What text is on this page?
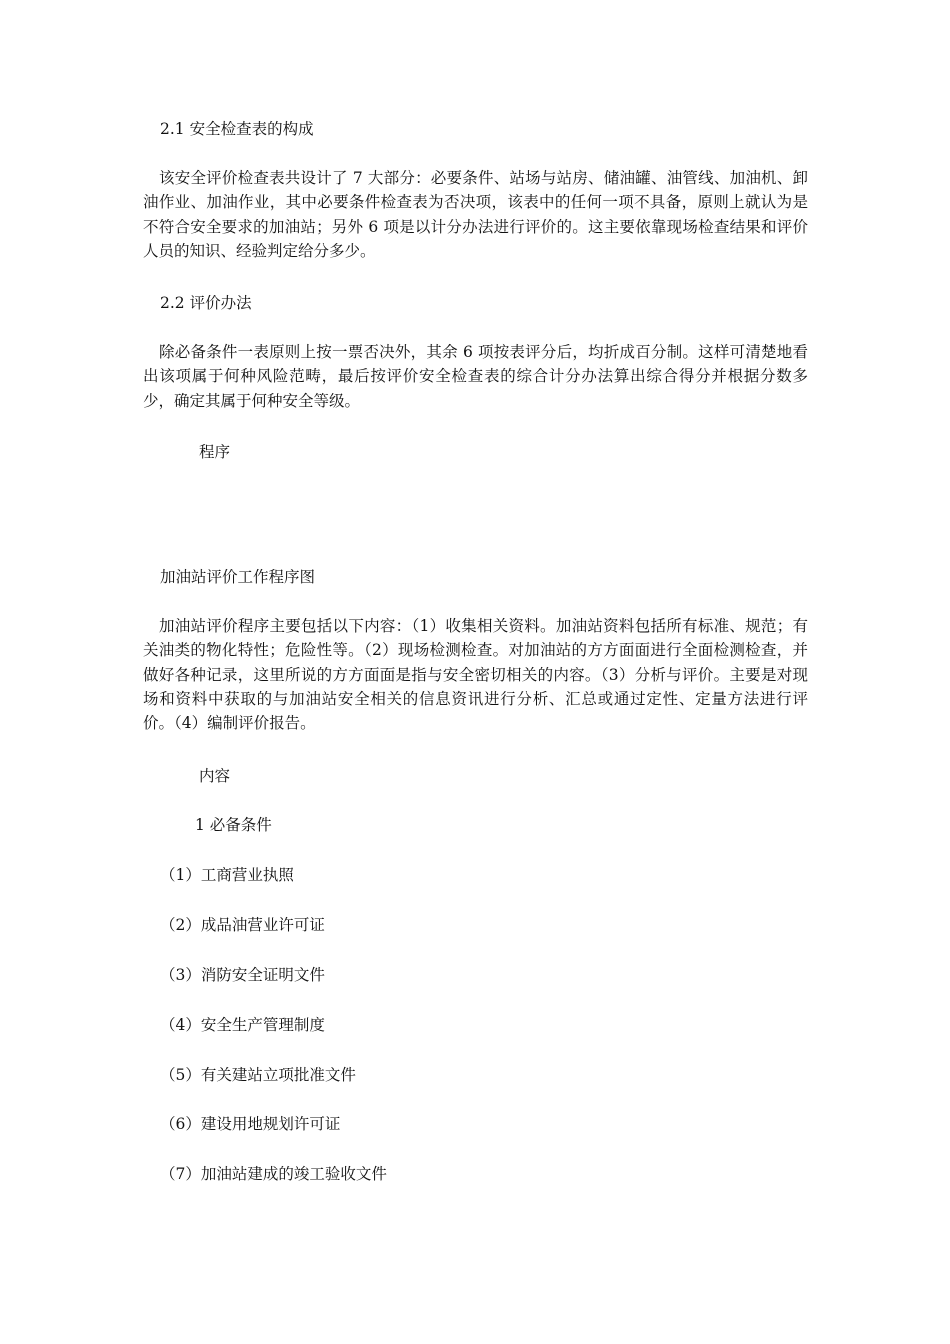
2.1 安全检查表的构成
该安全评价检查表共设计了 7 大部分：必要条件、站场与站房、储油罐、油管线、加油机、卸油作业、加油作业，其中必要条件检查表为否决项，该表中的任何一项不具备，原则上就认为是不符合安全要求的加油站；另外 6 项是以计分办法进行评价的。这主要依靠现场检查结果和评价人员的知识、经验判定给分多少。
2.2 评价办法
除必备条件一表原则上按一票否决外，其余 6 项按表评分后，均折成百分制。这样可清楚地看出该项属于何种风险范畴，最后按评价安全检查表的综合计分办法算出综合得分并根据分数多少，确定其属于何种安全等级。
程序
加油站评价工作程序图
加油站评价程序主要包括以下内容：（1）收集相关资料。加油站资料包括所有标准、规范；有关油类的物化特性；危险性等。（2）现场检测检查。对加油站的方方面面进行全面检测检查，并做好各种记录，这里所说的方方面面是指与安全密切相关的内容。（3）分析与评价。主要是对现场和资料中获取的与加油站安全相关的信息资讯进行分析、汇总或通过定性、定量方法进行评价。（4）编制评价报告。
内容
1 必备条件
（1）工商营业执照
（2）成品油营业许可证
（3）消防安全证明文件
（4）安全生产管理制度
（5）有关建站立项批准文件
（6）建设用地规划许可证
（7）加油站建成的竣工验收文件
